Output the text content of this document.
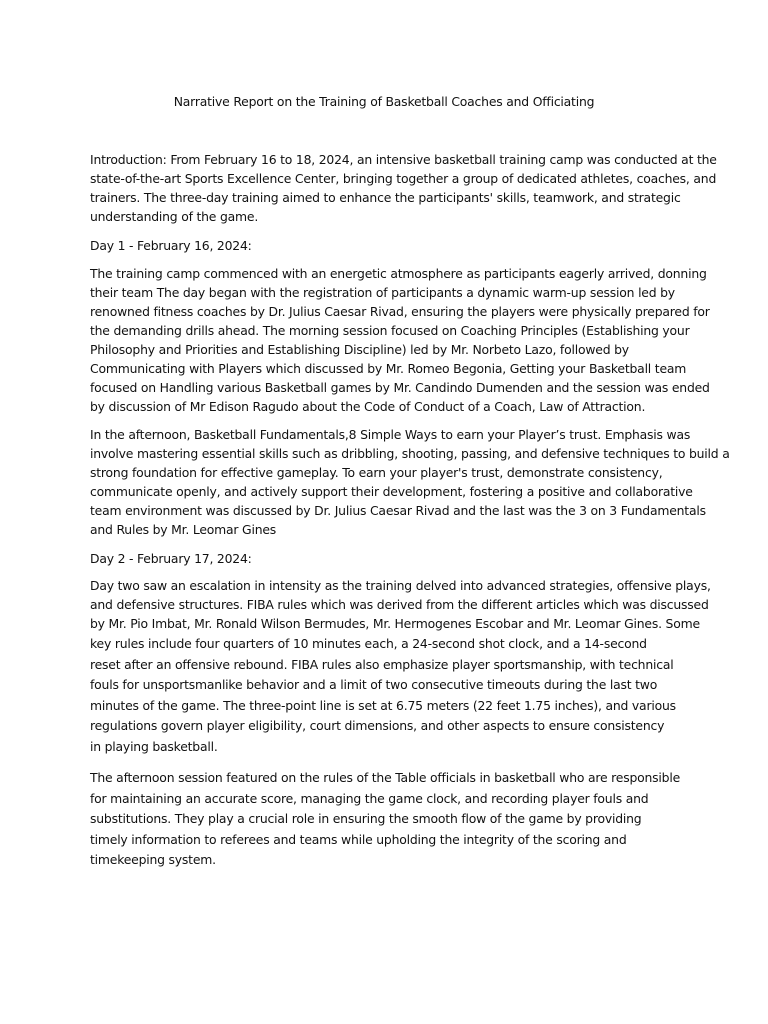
Narrative Report on the Training of Basketball Coaches and Officiating

Introduction: From February 16 to 18, 2024, an intensive basketball training camp was conducted at the
state-of-the-art Sports Excellence Center, bringing together a group of dedicated athletes, coaches, and
trainers. The three-day training aimed to enhance the participants' skills, teamwork, and strategic
understanding of the game.

Day 1 - February 16, 2024:

The training camp commenced with an energetic atmosphere as participants eagerly arrived, donning
their team The day began with the registration of participants a dynamic warm-up session led by
renowned fitness coaches by Dr. Julius Caesar Rivad, ensuring the players were physically prepared for
the demanding drills ahead. The morning session focused on Coaching Principles (Establishing your
Philosophy and Priorities and Establishing Discipline) led by Mr. Norbeto Lazo, followed by
Communicating with Players which discussed by Mr. Romeo Begonia, Getting your Basketball team
focused on Handling various Basketball games by Mr. Candindo Dumenden and the session was ended
by discussion of Mr Edison Ragudo about the Code of Conduct of a Coach, Law of Attraction.

In the afternoon, Basketball Fundamentals,8 Simple Ways to earn your Player’s trust. Emphasis was
involve mastering essential skills such as dribbling, shooting, passing, and defensive techniques to build a
strong foundation for effective gameplay. To earn your player's trust, demonstrate consistency,
communicate openly, and actively support their development, fostering a positive and collaborative
team environment was discussed by Dr. Julius Caesar Rivad and the last was the 3 on 3 Fundamentals
and Rules by Mr. Leomar Gines

Day 2 - February 17, 2024:

Day two saw an escalation in intensity as the training delved into advanced strategies, offensive plays,
and defensive structures. FIBA rules which was derived from the different articles which was discussed
by Mr. Pio Imbat, Mr. Ronald Wilson Bermudes, Mr. Hermogenes Escobar and Mr. Leomar Gines. Some

key rules include four quarters of 10 minutes each, a 24-second shot clock, and a 14-second
reset after an offensive rebound. FIBA rules also emphasize player sportsmanship, with technical
fouls for unsportsmanlike behavior and a limit of two consecutive timeouts during the last two
minutes of the game. The three-point line is set at 6.75 meters (22 feet 1.75 inches), and various
regulations govern player eligibility, court dimensions, and other aspects to ensure consistency
in playing basketball.

The afternoon session featured on the rules of the Table officials in basketball who are responsible
for maintaining an accurate score, managing the game clock, and recording player fouls and
substitutions. They play a crucial role in ensuring the smooth flow of the game by providing
timely information to referees and teams while upholding the integrity of the scoring and
timekeeping system.
